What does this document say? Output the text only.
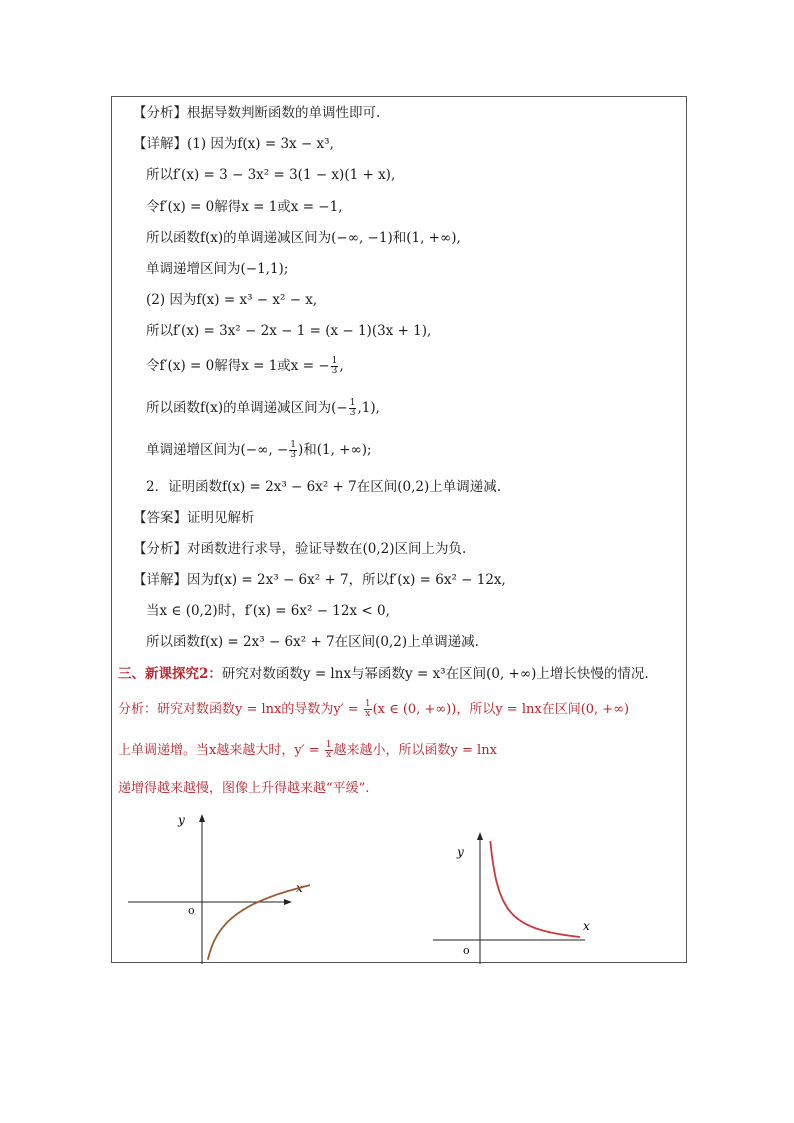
【分析】根据导数判断函数的单调性即可.
【详解】(1) 因为f(x) = 3x − x³,
所以f′(x) = 3 − 3x² = 3(1 − x)(1 + x),
令f′(x) = 0解得x = 1或x = −1,
所以函数f(x)的单调递减区间为(−∞, −1)和(1, +∞),
单调递增区间为(−1,1);
(2) 因为f(x) = x³ − x² − x,
所以f′(x) = 3x² − 2x − 1 = (x − 1)(3x + 1),
令f′(x) = 0解得x = 1或x = − $\frac{1}{3}$ ,
所以函数f(x)的单调递减区间为(− $\frac{1}{3} ,1$),
单调递增区间为(−∞, − $\frac{1}{3}$ )和(1, +∞);
2．证明函数f(x) = 2x³ − 6x² + 7在区间(0,2)上单调递减.
【答案】证明见解析
【分析】对函数进行求导，验证导数在(0,2)区间上为负.
【详解】因为f(x) = 2x³ − 6x² + 7，所以f′(x) = 6x² − 12x,
当x ∈ (0,2)时，f′(x) = 6x² − 12x < 0,
所以函数f(x) = 2x³ − 6x² + 7在区间(0,2)上单调递减.
三、新课探究2：研究对数函数y = lnx与幂函数y = x³在区间(0, +∞)上增长快慢的情况.
分析：研究对数函数y = lnx的导数为$y' = \frac{1}{x} (x$ ∈ (0, +∞))，所以y = lnx在区间(0, +∞)
上单调递增。当x越来越大时，$y' = \frac{1}{x}$ 越来越小，所以函数y = lnx
递增得越来越慢，图像上升得越来越“平缓”.
x
y
o
x
y
o
